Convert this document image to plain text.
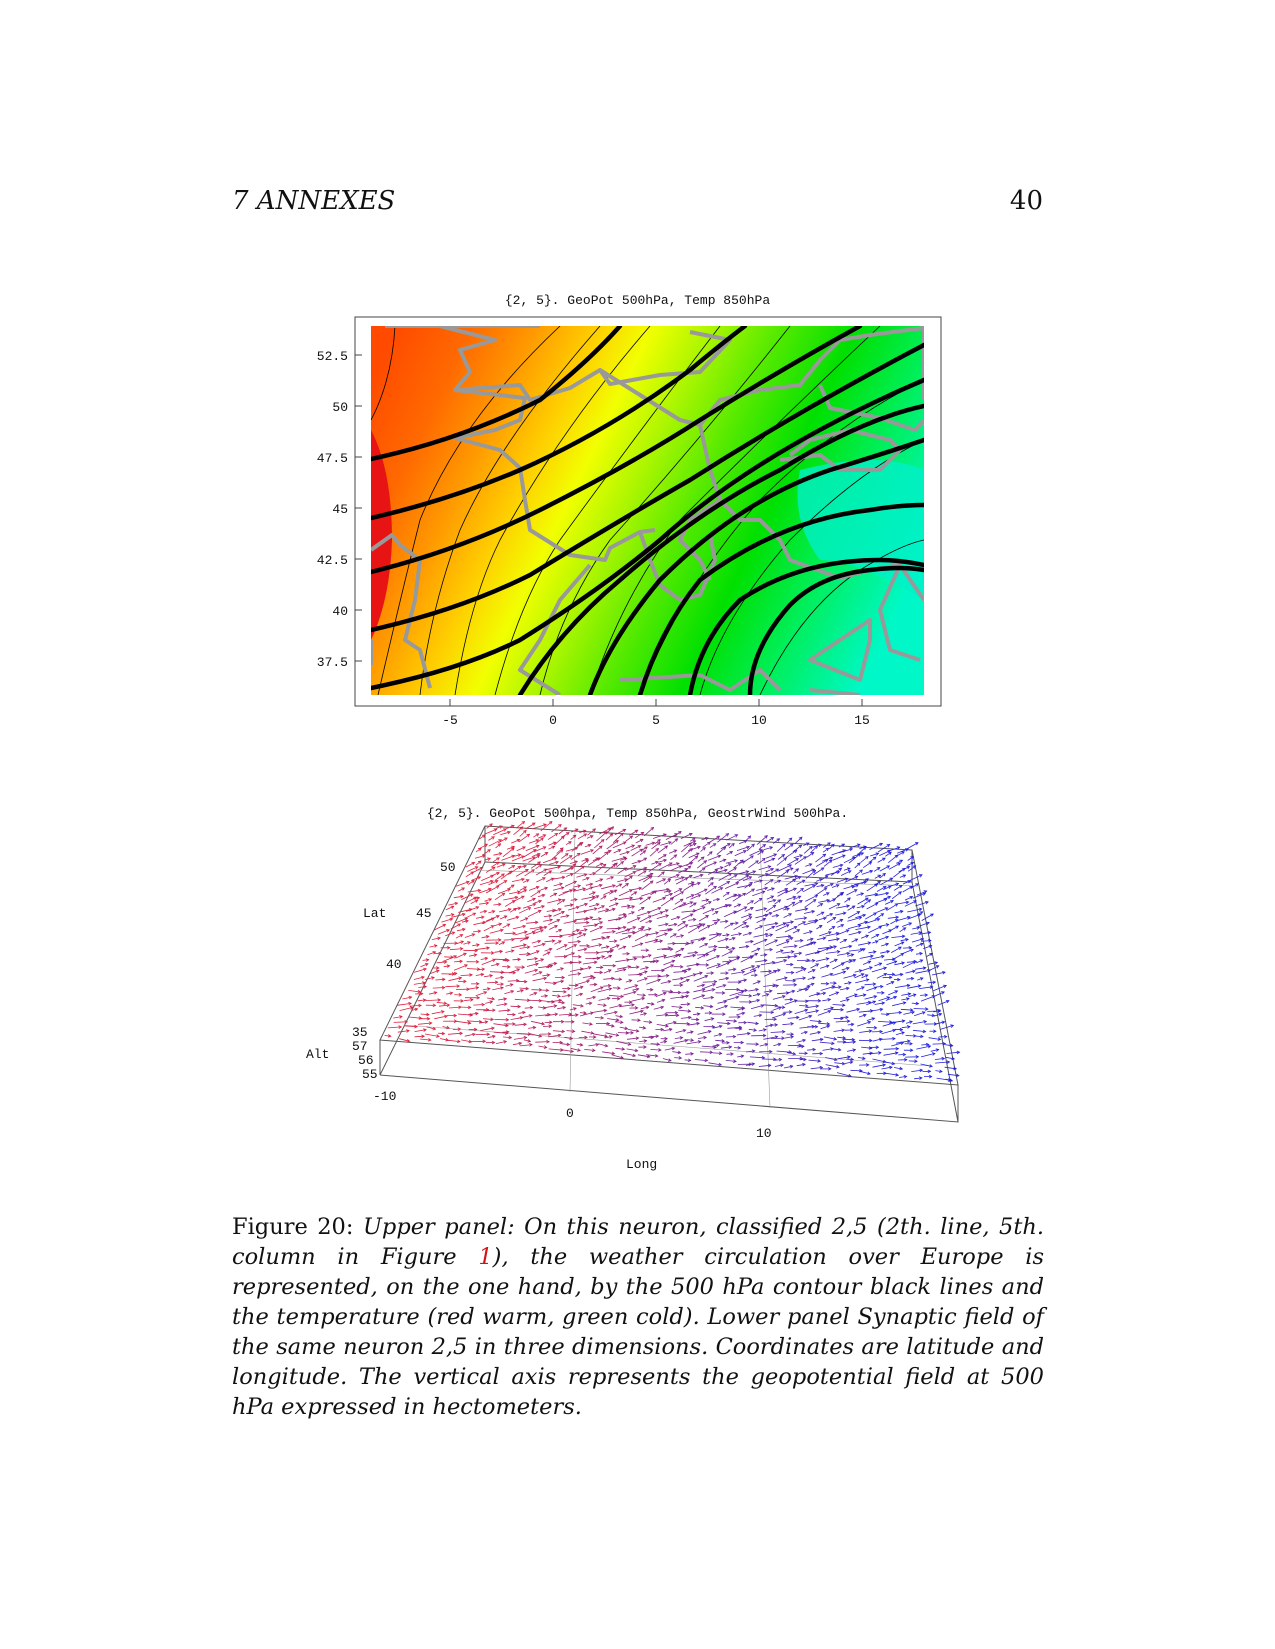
7 ANNEXES	40
{2, 5}. GeoPot 500hPa, Temp 850hPa
52.5
50
47.5
45
42.5
40
37.5
-5	0	5	10	15
{2, 5}. GeoPot 500hpa, Temp 850hPa, GeostrWind 500hPa.
50
45
40
35
Lat
Alt
57
56
55
-10
0
10
Long
Figure 20: Upper panel: On this neuron, classified 2,5 (2th. line, 5th. column in Figure 1), the weather circulation over Europe is represented, on the one hand, by the 500 hPa contour black lines and the temperature (red warm, green cold). Lower panel Synaptic field of the same neuron 2,5 in three dimensions. Coordinates are latitude and longitude. The vertical axis represents the geopotential field at 500 hPa expressed in hectometers.
